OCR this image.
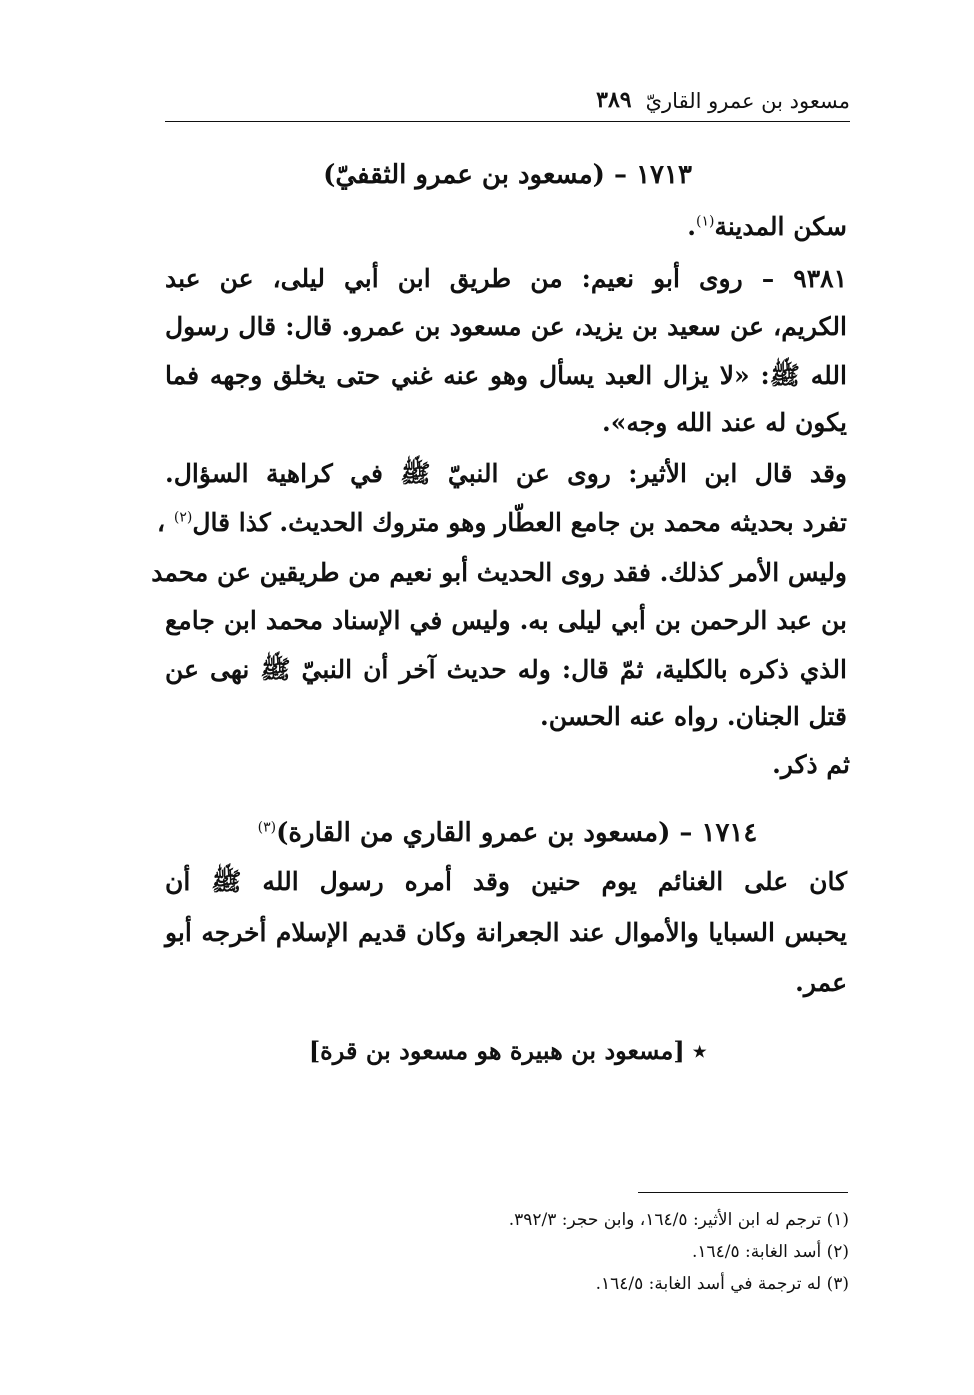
مسعود بن عمرو القاريّ
٣٨٩
١٧١٣ – (مسعود بن عمرو الثقفيّ)
سكن المدينة$^{(١)}$.
٩٣٨١ – روى أبو نعيم: من طريق ابن أبي ليلى، عن عبد
الكريم، عن سعيد بن يزيد، عن مسعود بن عمرو. قال: قال رسول
الله ﷺ: «لا يزال العبد يسأل وهو عنه غني حتى يخلق وجهه فما
يكون له عند الله وجه».
وقد قال ابن الأثير: روى عن النبيّ ﷺ في كراهية السؤال.
تفرد بحديثه محمد بن جامع العطّار وهو متروك الحديث. كذا قال$^{(٢)}$ ،
وليس الأمر كذلك. فقد روى الحديث أبو نعيم من طريقين عن محمد
بن عبد الرحمن بن أبي ليلى به. وليس في الإسناد محمد ابن جامع
الذي ذكره بالكلية، ثمّ قال: وله حديث آخر أن النبيّ ﷺ نهى عن
قتل الجنان. رواه عنه الحسن.
ثم ذكر.
١٧١٤ – (مسعود بن عمرو القاري من القارة)$^{(٣)}$
كان على الغنائم يوم حنين وقد أمره رسول الله ﷺ أن
يحبس السبايا والأموال عند الجعرانة وكان قديم الإسلام أخرجه أبو
عمر.
٭ [مسعود بن هبيرة هو مسعود بن قرة]
(١) ترجم له ابن الأثير: ١٦٤/٥، وابن حجر: ٣٩٢/٣.
(٢) أسد الغابة: ١٦٤/٥.
(٣) له ترجمة في أسد الغابة: ١٦٤/٥.
